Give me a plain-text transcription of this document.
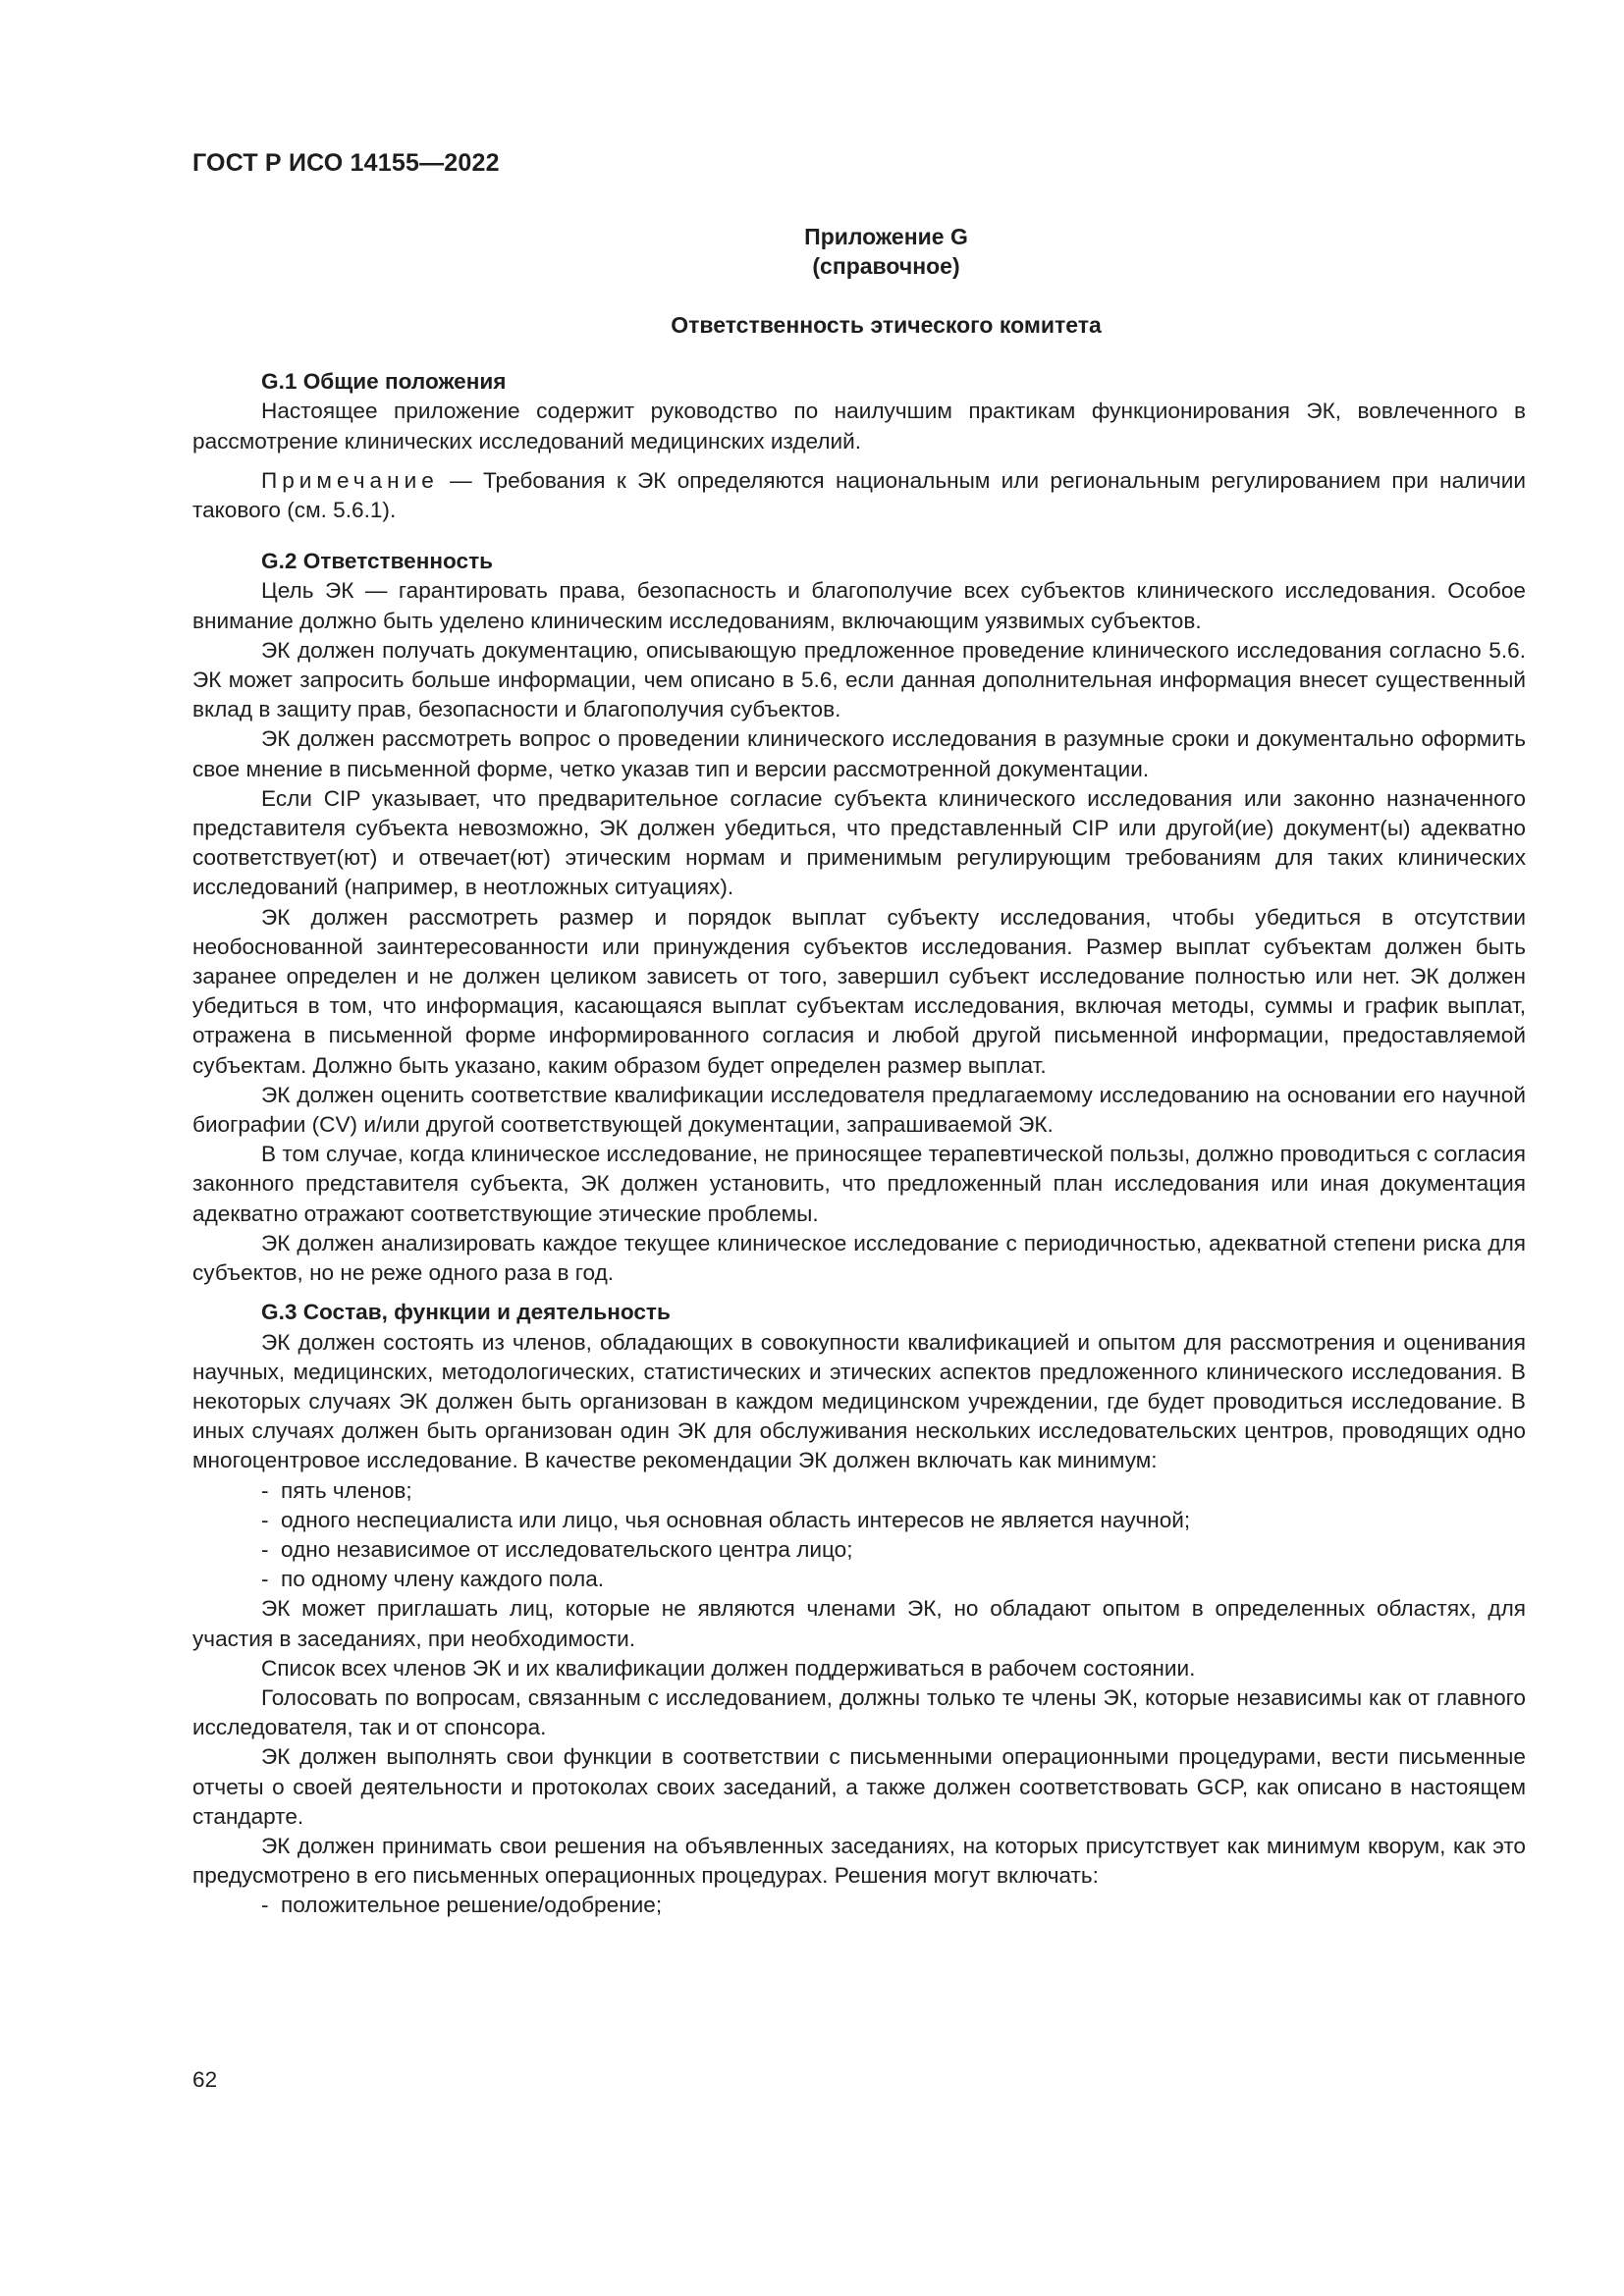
ГОСТ Р ИСО 14155—2022
Приложение G
(справочное)
Ответственность этического комитета
G.1 Общие положения

Настоящее приложение содержит руководство по наилучшим практикам функционирования ЭК, вовлеченного в рассмотрение клинических исследований медицинских изделий.

Примечание — Требования к ЭК определяются национальным или региональным регулированием при наличии такового (см. 5.6.1).

G.2 Ответственность

Цель ЭК — гарантировать права, безопасность и благополучие всех субъектов клинического исследования. Особое внимание должно быть уделено клиническим исследованиям, включающим уязвимых субъектов.

ЭК должен получать документацию, описывающую предложенное проведение клинического исследования согласно 5.6. ЭК может запросить больше информации, чем описано в 5.6, если данная дополнительная информация внесет существенный вклад в защиту прав, безопасности и благополучия субъектов.

ЭК должен рассмотреть вопрос о проведении клинического исследования в разумные сроки и документально оформить свое мнение в письменной форме, четко указав тип и версии рассмотренной документации.

Если CIP указывает, что предварительное согласие субъекта клинического исследования или законно назначенного представителя субъекта невозможно, ЭК должен убедиться, что представленный CIP или другой(ие) документ(ы) адекватно соответствует(ют) и отвечает(ют) этическим нормам и применимым регулирующим требованиям для таких клинических исследований (например, в неотложных ситуациях).

ЭК должен рассмотреть размер и порядок выплат субъекту исследования, чтобы убедиться в отсутствии необоснованной заинтересованности или принуждения субъектов исследования. Размер выплат субъектам должен быть заранее определен и не должен целиком зависеть от того, завершил субъект исследование полностью или нет. ЭК должен убедиться в том, что информация, касающаяся выплат субъектам исследования, включая методы, суммы и график выплат, отражена в письменной форме информированного согласия и любой другой письменной информации, предоставляемой субъектам. Должно быть указано, каким образом будет определен размер выплат.

ЭК должен оценить соответствие квалификации исследователя предлагаемому исследованию на основании его научной биографии (CV) и/или другой соответствующей документации, запрашиваемой ЭК.

В том случае, когда клиническое исследование, не приносящее терапевтической пользы, должно проводиться с согласия законного представителя субъекта, ЭК должен установить, что предложенный план исследования или иная документация адекватно отражают соответствующие этические проблемы.

ЭК должен анализировать каждое текущее клиническое исследование с периодичностью, адекватной степени риска для субъектов, но не реже одного раза в год.

G.3 Состав, функции и деятельность

ЭК должен состоять из членов, обладающих в совокупности квалификацией и опытом для рассмотрения и оценивания научных, медицинских, методологических, статистических и этических аспектов предложенного клинического исследования. В некоторых случаях ЭК должен быть организован в каждом медицинском учреждении, где будет проводиться исследование. В иных случаях должен быть организован один ЭК для обслуживания нескольких исследовательских центров, проводящих одно многоцентровое исследование. В качестве рекомендации ЭК должен включать как минимум:

- пять членов;
- одного неспециалиста или лицо, чья основная область интересов не является научной;
- одно независимое от исследовательского центра лицо;
- по одному члену каждого пола.

ЭК может приглашать лиц, которые не являются членами ЭК, но обладают опытом в определенных областях, для участия в заседаниях, при необходимости.

Список всех членов ЭК и их квалификации должен поддерживаться в рабочем состоянии.

Голосовать по вопросам, связанным с исследованием, должны только те члены ЭК, которые независимы как от главного исследователя, так и от спонсора.

ЭК должен выполнять свои функции в соответствии с письменными операционными процедурами, вести письменные отчеты о своей деятельности и протоколах своих заседаний, а также должен соответствовать GCP, как описано в настоящем стандарте.

ЭК должен принимать свои решения на объявленных заседаниях, на которых присутствует как минимум кворум, как это предусмотрено в его письменных операционных процедурах. Решения могут включать:

- положительное решение/одобрение;
62
